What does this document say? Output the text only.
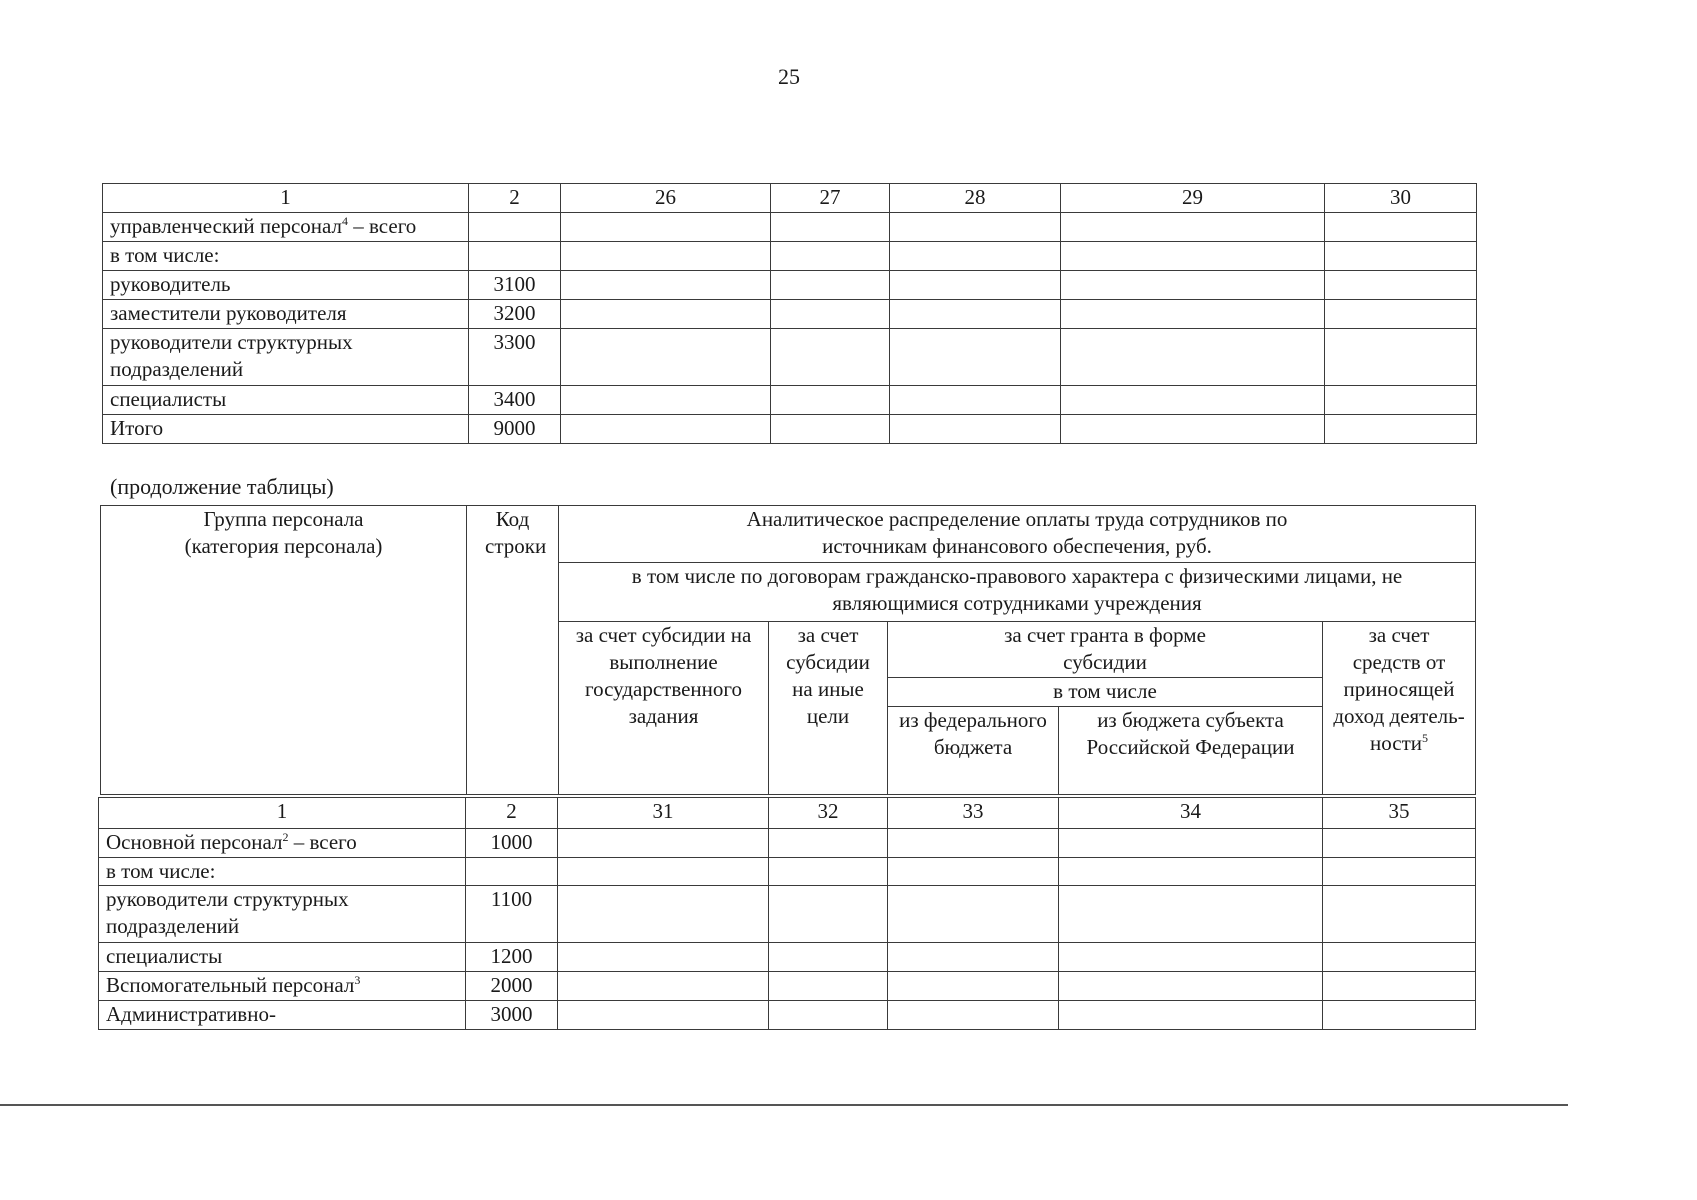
25
1	2	26	27	28	29	30
управленческий персонал$^4$ – всего						
в том числе:						
руководитель	3100					
заместители руководителя	3200					
руководители структурных подразделений	3300					
специалисты	3400					
Итого	9000					
(продолжение таблицы)
Группа персонала (категория персонала)	Код строки	Аналитическое распределение оплаты труда сотрудников по источникам финансового обеспечения, руб.				
		в том числе по договорам гражданско-правового характера с физическими лицами, не являющимися сотрудниками учреждения				
		за счет субсидии на выполнение государственного задания	за счет субсидии на иные цели	за счет гранта в форме субсидии		за счет средств от приносящей доход деятель-ности$^5$
				в том числе		
				из федерального бюджета	из бюджета субъекта Российской Федерации	
1	2	31	32	33	34	35
Основной персонал$^2$ – всего	1000					
в том числе:						
руководители структурных подразделений	1100					
специалисты	1200					
Вспомогательный персонал$^3$	2000					
Административно-	3000					
